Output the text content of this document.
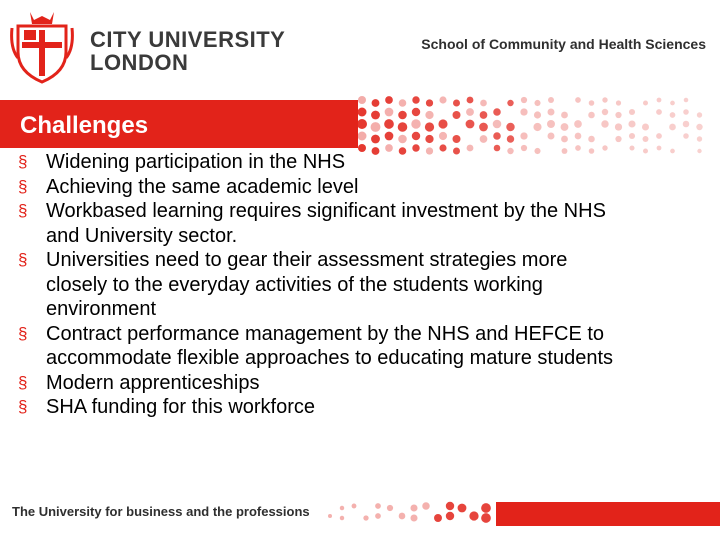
CITY UNIVERSITY
LONDON
School of Community and Health Sciences
Challenges
§ Widening participation in the NHS
§ Achieving the same academic level
§ Workbased learning requires significant investment by the NHS and University sector.
§ Universities need to gear their assessment strategies more closely to the everyday activities of the students working environment
§ Contract performance management by the NHS and HEFCE to accommodate flexible approaches to educating mature students
§ Modern apprenticeships
§ SHA funding for this workforce
The University for business and the professions
